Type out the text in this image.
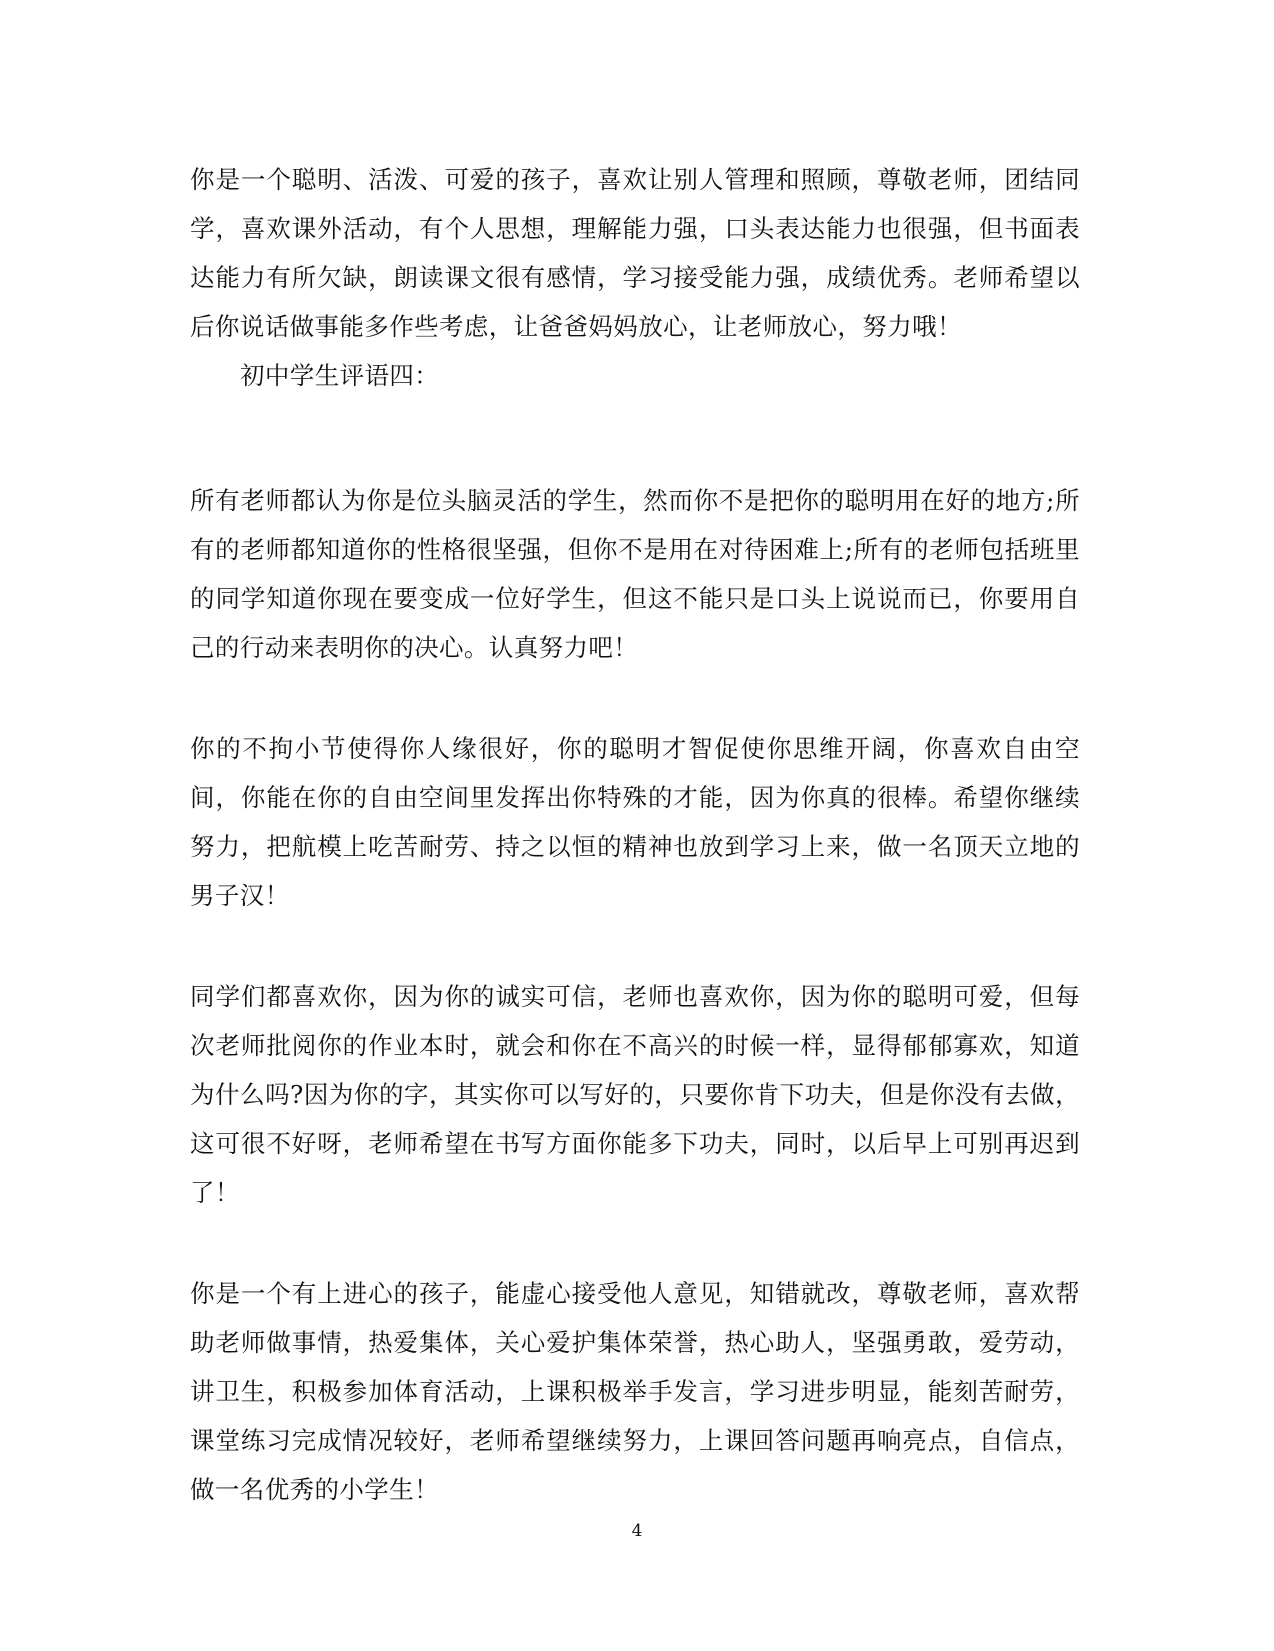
你是一个聪明、活泼、可爱的孩子，喜欢让别人管理和照顾，尊敬老师，团结同学，喜欢课外活动，有个人思想，理解能力强，口头表达能力也很强，但书面表达能力有所欠缺，朗读课文很有感情，学习接受能力强，成绩优秀。老师希望以后你说话做事能多作些考虑，让爸爸妈妈放心，让老师放心，努力哦！

初中学生评语四：

所有老师都认为你是位头脑灵活的学生，然而你不是把你的聪明用在好的地方;所有的老师都知道你的性格很坚强，但你不是用在对待困难上;所有的老师包括班里的同学知道你现在要变成一位好学生，但这不能只是口头上说说而已，你要用自己的行动来表明你的决心。认真努力吧！

你的不拘小节使得你人缘很好，你的聪明才智促使你思维开阔，你喜欢自由空间，你能在你的自由空间里发挥出你特殊的才能，因为你真的很棒。希望你继续努力，把航模上吃苦耐劳、持之以恒的精神也放到学习上来，做一名顶天立地的男子汉！

同学们都喜欢你，因为你的诚实可信，老师也喜欢你，因为你的聪明可爱，但每次老师批阅你的作业本时，就会和你在不高兴的时候一样，显得郁郁寡欢，知道为什么吗?因为你的字，其实你可以写好的，只要你肯下功夫，但是你没有去做，这可很不好呀，老师希望在书写方面你能多下功夫，同时，以后早上可别再迟到了！

你是一个有上进心的孩子，能虚心接受他人意见，知错就改，尊敬老师，喜欢帮助老师做事情，热爱集体，关心爱护集体荣誉，热心助人，坚强勇敢，爱劳动，讲卫生，积极参加体育活动，上课积极举手发言，学习进步明显，能刻苦耐劳，课堂练习完成情况较好，老师希望继续努力，上课回答问题再响亮点，自信点，做一名优秀的小学生！

4
